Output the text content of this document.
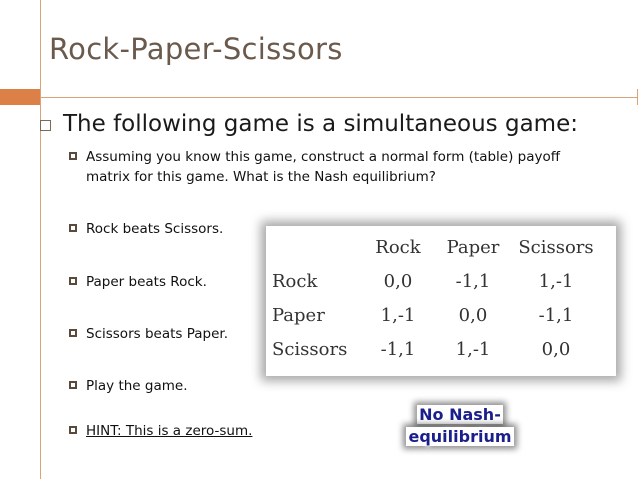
Rock-Paper-Scissors
The following game is a simultaneous game:
Assuming you know this game, construct a normal form (table) payoff matrix for this game. What is the Nash equilibrium?
Rock beats Scissors.
Paper beats Rock.
Scissors beats Paper.
Play the game.
HINT: This is a zero-sum.
	Rock	Paper	Scissors
Rock	0,0	-1,1	1,-1
Paper	1,-1	0,0	-1,1
Scissors	-1,1	1,-1	0,0
No Nash-
equilibrium
